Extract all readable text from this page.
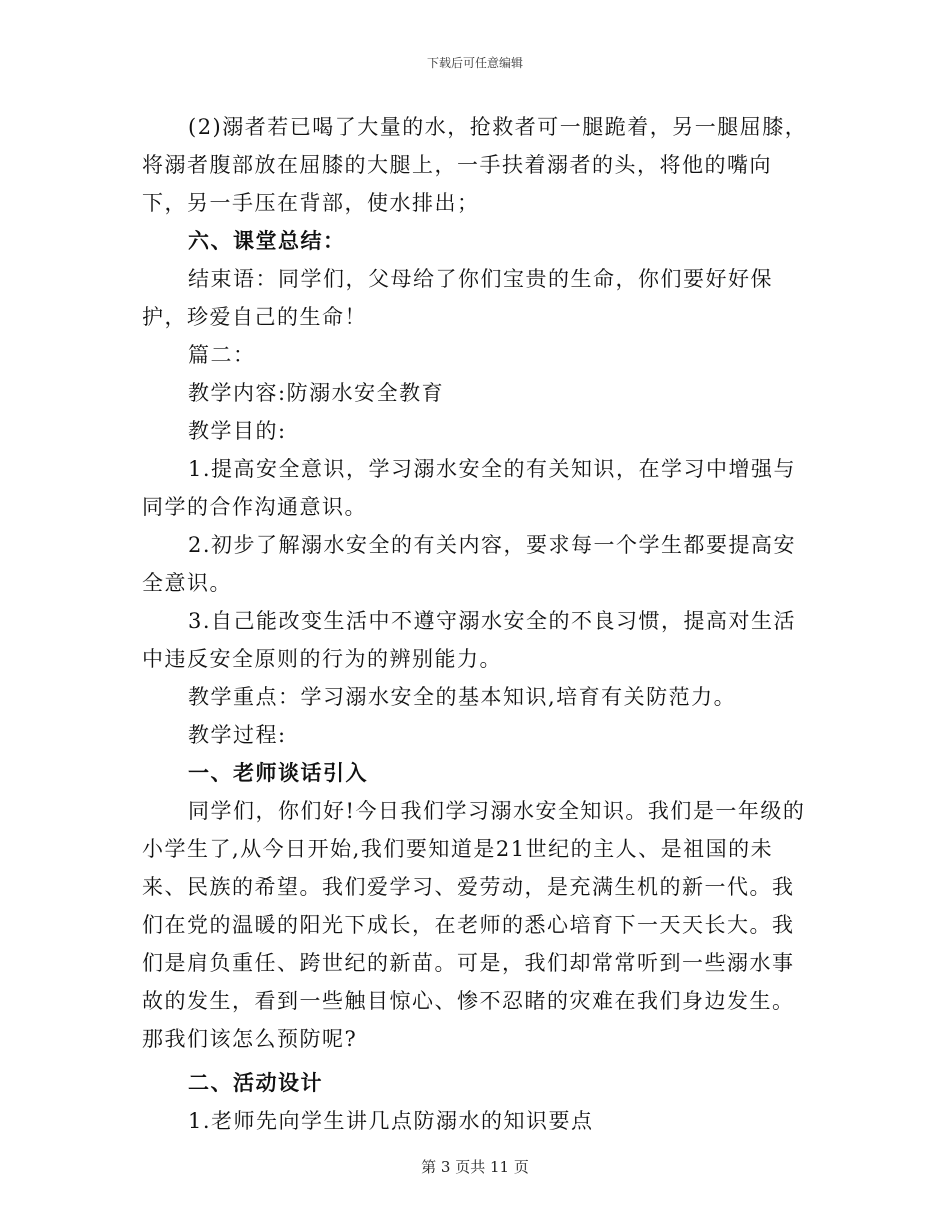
下载后可任意编辑

(2)溺者若已喝了大量的水，抢救者可一腿跪着，另一腿屈膝，将溺者腹部放在屈膝的大腿上，一手扶着溺者的头，将他的嘴向下，另一手压在背部，使水排出；

六、课堂总结：

结束语：同学们，父母给了你们宝贵的生命，你们要好好保护，珍爱自己的生命！

篇二：

教学内容:防溺水安全教育

教学目的:

1.提高安全意识，学习溺水安全的有关知识，在学习中增强与同学的合作沟通意识。

2.初步了解溺水安全的有关内容，要求每一个学生都要提高安全意识。

3.自己能改变生活中不遵守溺水安全的不良习惯，提高对生活中违反安全原则的行为的辨别能力。

教学重点：学习溺水安全的基本知识,培育有关防范力。

教学过程:

一、老师谈话引入

同学们，你们好!今日我们学习溺水安全知识。我们是一年级的小学生了,从今日开始,我们要知道是21世纪的主人、是祖国的未来、民族的希望。我们爱学习、爱劳动，是充满生机的新一代。我们在党的温暖的阳光下成长，在老师的悉心培育下一天天长大。我们是肩负重任、跨世纪的新苗。可是，我们却常常听到一些溺水事故的发生，看到一些触目惊心、惨不忍睹的灾难在我们身边发生。那我们该怎么预防呢?

二、活动设计

1.老师先向学生讲几点防溺水的知识要点

第 3 页共 11 页
